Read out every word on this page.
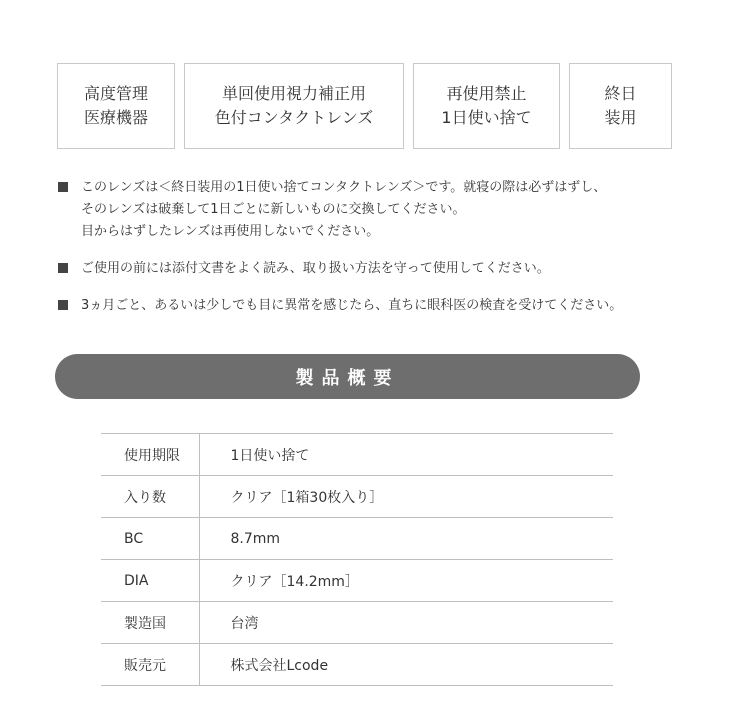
高度管理
医療機器
単回使用視力補正用
色付コンタクトレンズ
再使用禁止
1日使い捨て
終日
装用
このレンズは＜終日装用の1日使い捨てコンタクトレンズ＞です。就寝の際は必ずはずし、
そのレンズは破棄して1日ごとに新しいものに交換してください。
目からはずしたレンズは再使用しないでください。
ご使用の前には添付文書をよく読み、取り扱い方法を守って使用してください。
3ヵ月ごと、あるいは少しでも目に異常を感じたら、直ちに眼科医の検査を受けてください。
製品概要
使用期限	1日使い捨て
入り数	クリア［1箱30枚入り］
BC	8.7mm
DIA	クリア［14.2mm］
製造国	台湾
販売元	株式会社Lcode
